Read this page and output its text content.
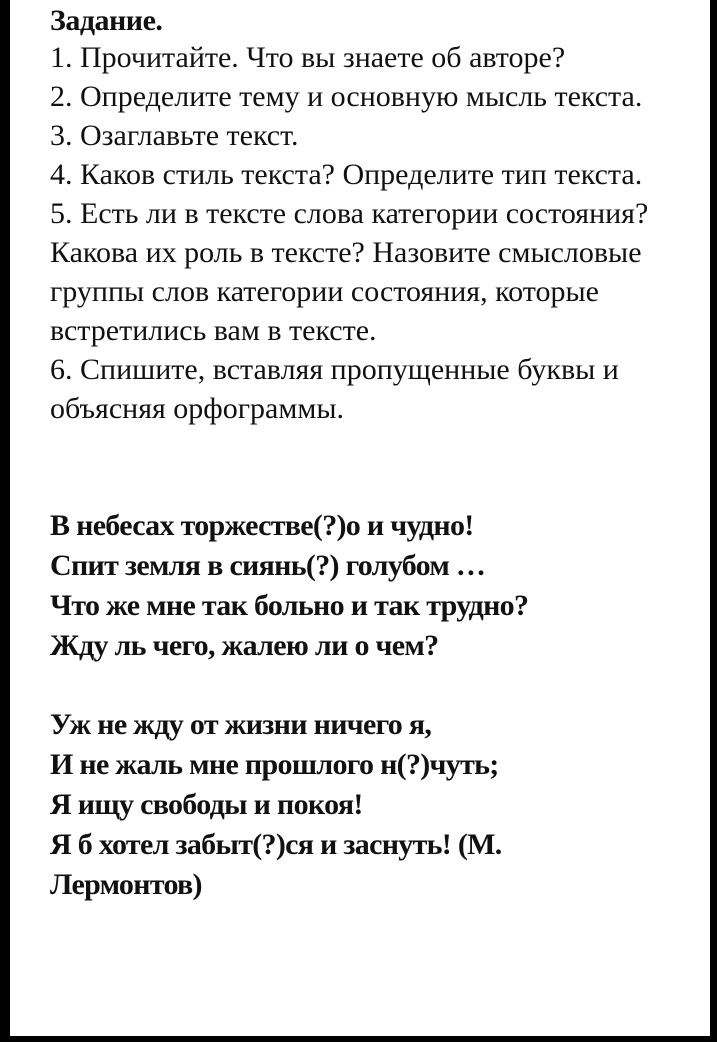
Задание.

1. Прочитайте. Что вы знаете об авторе?
2. Определите тему и основную мысль текста.
3. Озаглавьте текст.
4. Каков стиль текста? Определите тип текста.
5. Есть ли в тексте слова категории состояния? Какова их роль в тексте? Назовите смысловые группы слов категории состояния, которые встретились вам в тексте.
6. Спишите, вставляя пропущенные буквы и объясняя орфограммы.
В небесах торжестве(?)о и чудно!
Спит земля в сиянь(?) голубом …
Что же мне так больно и так трудно?
Жду ль чего, жалею ли о чем?
Уж не жду от жизни ничего я,
И не жаль мне прошлого н(?)чуть;
Я ищу свободы и покоя!
Я б хотел забыт(?)ся и заснуть! (М. Лермонтов)
